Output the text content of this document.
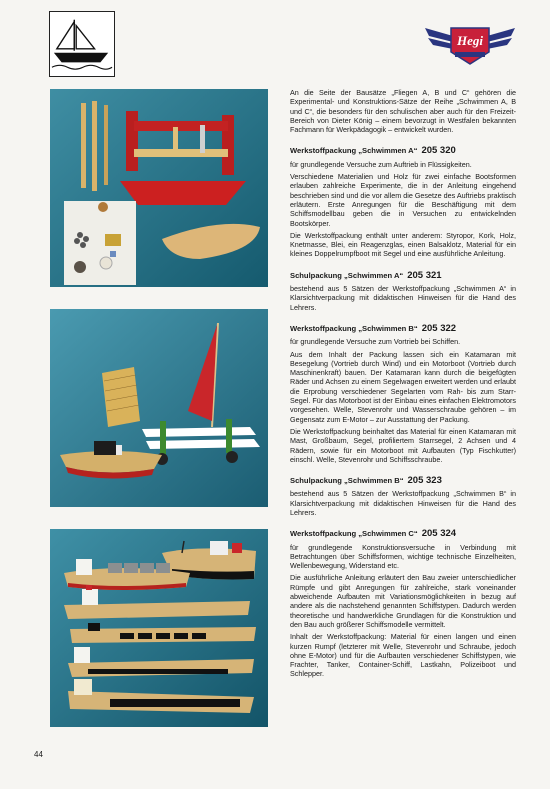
Hegi

An die Seite der Bausätze „Fliegen A, B und C“ gehören die Experimental- und Konstruktions-Sätze der Reihe „Schwimmen A, B und C“, die besonders für den schulischen aber auch für den Freizeit-Bereich von Dieter König – einem bevorzugt in Westfalen bekannten Fachmann für Werkpädagogik – entwickelt wurden.

Werkstoffpackung „Schwimmen A“ 205 320

für grundlegende Versuche zum Auftrieb in Flüssigkeiten.

Verschiedene Materialien und Holz für zwei einfache Bootsformen erlauben zahlreiche Experimente, die in der Anleitung eingehend beschrieben sind und die vor allem die Gesetze des Auftriebs praktisch erläutern. Erste Anregungen für die Beschäftigung mit dem Schiffsmodellbau geben die in Versuchen zu entwickelnden Bootskörper.

Die Werkstoffpackung enthält unter anderem: Styropor, Kork, Holz, Knetmasse, Blei, ein Reagenzglas, einen Balsaklotz, Material für ein kleines Doppelrumpfboot mit Segel und eine ausführliche Anleitung.

Schulpackung „Schwimmen A“ 205 321

bestehend aus 5 Sätzen der Werkstoffpackung „Schwimmen A“ in Klarsichtverpackung mit didaktischen Hinweisen für die Hand des Lehrers.

Werkstoffpackung „Schwimmen B“ 205 322

für grundlegende Versuche zum Vortrieb bei Schiffen.

Aus dem Inhalt der Packung lassen sich ein Katamaran mit Besegelung (Vortrieb durch Wind) und ein Motorboot (Vortrieb durch Maschinenkraft) bauen. Der Katamaran kann durch die beigefügten Räder und Achsen zu einem Segelwagen erweitert werden und erlaubt die Erprobung verschiedener Segelarten vom Rah- bis zum Starr-Segel. Für das Motorboot ist der Einbau eines einfachen Elektromotors vorgesehen. Welle, Stevenrohr und Wasserschraube gehören – im Gegensatz zum E-Motor – zur Ausstattung der Packung.

Die Werkstoffpackung beinhaltet das Material für einen Katamaran mit Mast, Großbaum, Segel, profiliertem Starrsegel, 2 Achsen und 4 Rädern, sowie für ein Motorboot mit Aufbauten (Typ Fischkutter) einschl. Welle, Stevenrohr und Schiffsschraube.

Schulpackung „Schwimmen B“ 205 323

bestehend aus 5 Sätzen der Werkstoffpackung „Schwimmen B“ in Klarsichtverpackung mit didaktischen Hinweisen für die Hand des Lehrers.

Werkstoffpackung „Schwimmen C“ 205 324

für grundlegende Konstruktionsversuche in Verbindung mit Betrachtungen über Schiffsformen, wichtige technische Einzelheiten, Wellenbewegung, Widerstand etc.

Die ausführliche Anleitung erläutert den Bau zweier unterschiedlicher Rümpfe und gibt Anregungen für zahlreiche, stark voneinander abweichende Aufbauten mit Variationsmöglichkeiten in bezug auf andere als die nachstehend genannten Schiffstypen. Dadurch werden theoretische und handwerkliche Grundlagen für die Konstruktion und den Bau auch größerer Schiffsmodelle vermittelt.

Inhalt der Werkstoffpackung: Material für einen langen und einen kurzen Rumpf (letzterer mit Welle, Stevenrohr und Schraube, jedoch ohne E-Motor) und für die Aufbauten verschiedener Schiffstypen, wie Frachter, Tanker, Container-Schiff, Lastkahn, Polizeiboot und Schlepper.

44
